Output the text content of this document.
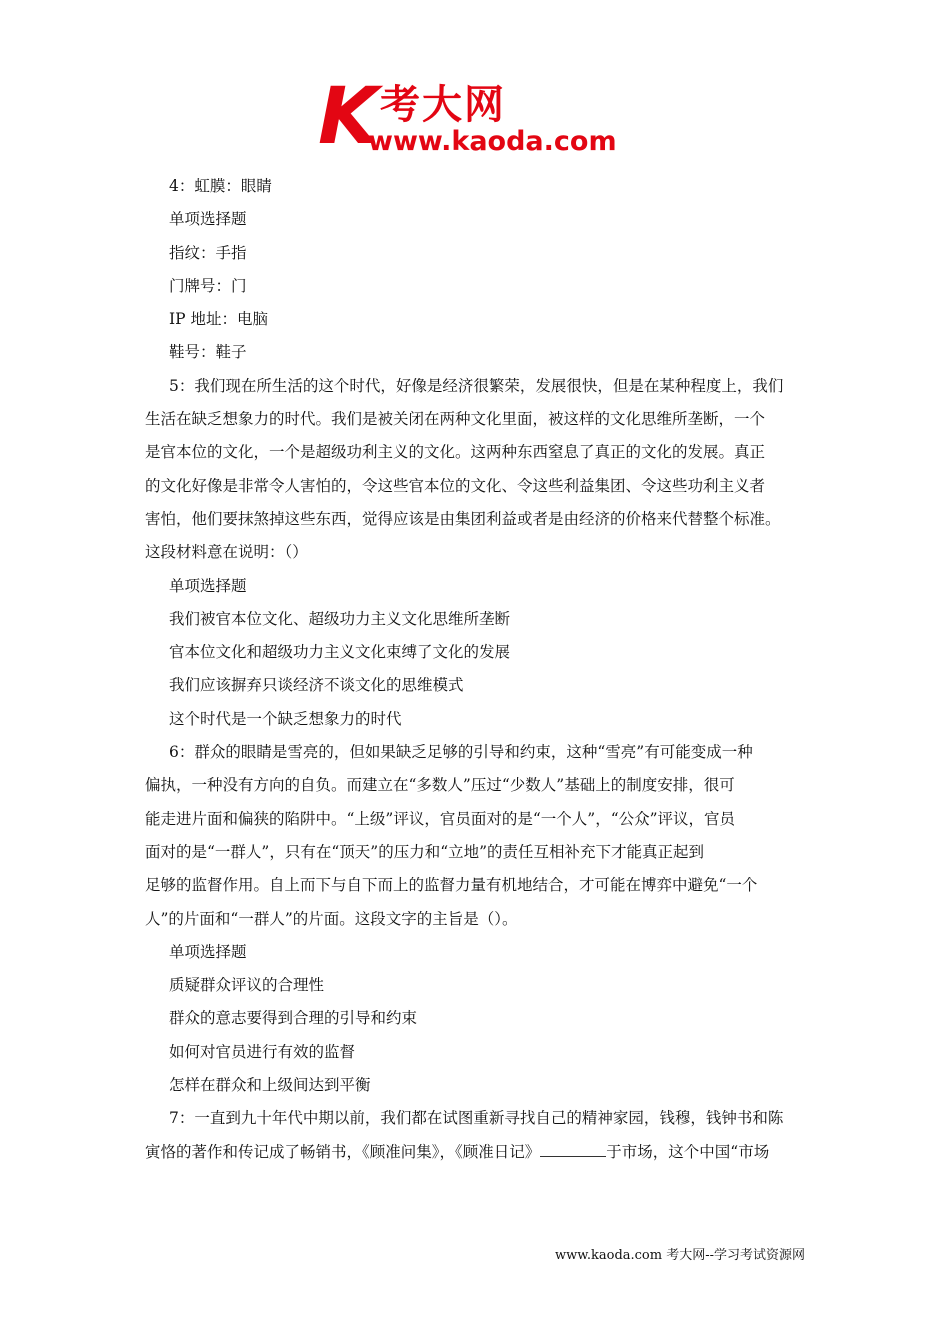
K 考大网
www.kaoda.com
4：虹膜：眼睛
单项选择题
指纹：手指
门牌号：门
IP 地址：电脑
鞋号：鞋子
5：我们现在所生活的这个时代，好像是经济很繁荣，发展很快，但是在某种程度上，我们
生活在缺乏想象力的时代。我们是被关闭在两种文化里面，被这样的文化思维所垄断，一个
是官本位的文化，一个是超级功利主义的文化。这两种东西窒息了真正的文化的发展。真正
的文化好像是非常令人害怕的，令这些官本位的文化、令这些利益集团、令这些功利主义者
害怕，他们要抹煞掉这些东西，觉得应该是由集团利益或者是由经济的价格来代替整个标准。
这段材料意在说明：（）
单项选择题
我们被官本位文化、超级功力主义文化思维所垄断
官本位文化和超级功力主义文化束缚了文化的发展
我们应该摒弃只谈经济不谈文化的思维模式
这个时代是一个缺乏想象力的时代
6：群众的眼睛是雪亮的，但如果缺乏足够的引导和约束，这种“雪亮”有可能变成一种
偏执，一种没有方向的自负。而建立在“多数人”压过“少数人”基础上的制度安排，很可
能走进片面和偏狭的陷阱中。“上级”评议，官员面对的是“一个人”，“公众”评议，官员
面对的是“一群人”，只有在“顶天”的压力和“立地”的责任互相补充下才能真正起到
足够的监督作用。自上而下与自下而上的监督力量有机地结合，才可能在博弈中避免“一个
人”的片面和“一群人”的片面。这段文字的主旨是（）。
单项选择题
质疑群众评议的合理性
群众的意志要得到合理的引导和约束
如何对官员进行有效的监督
怎样在群众和上级间达到平衡
7：一直到九十年代中期以前，我们都在试图重新寻找自己的精神家园，钱穆，钱钟书和陈
寅恪的著作和传记成了畅销书，《顾准问集》，《顾准日记》	于市场，这个中国“市场
www.kaoda.com 考大网--学习考试资源网
